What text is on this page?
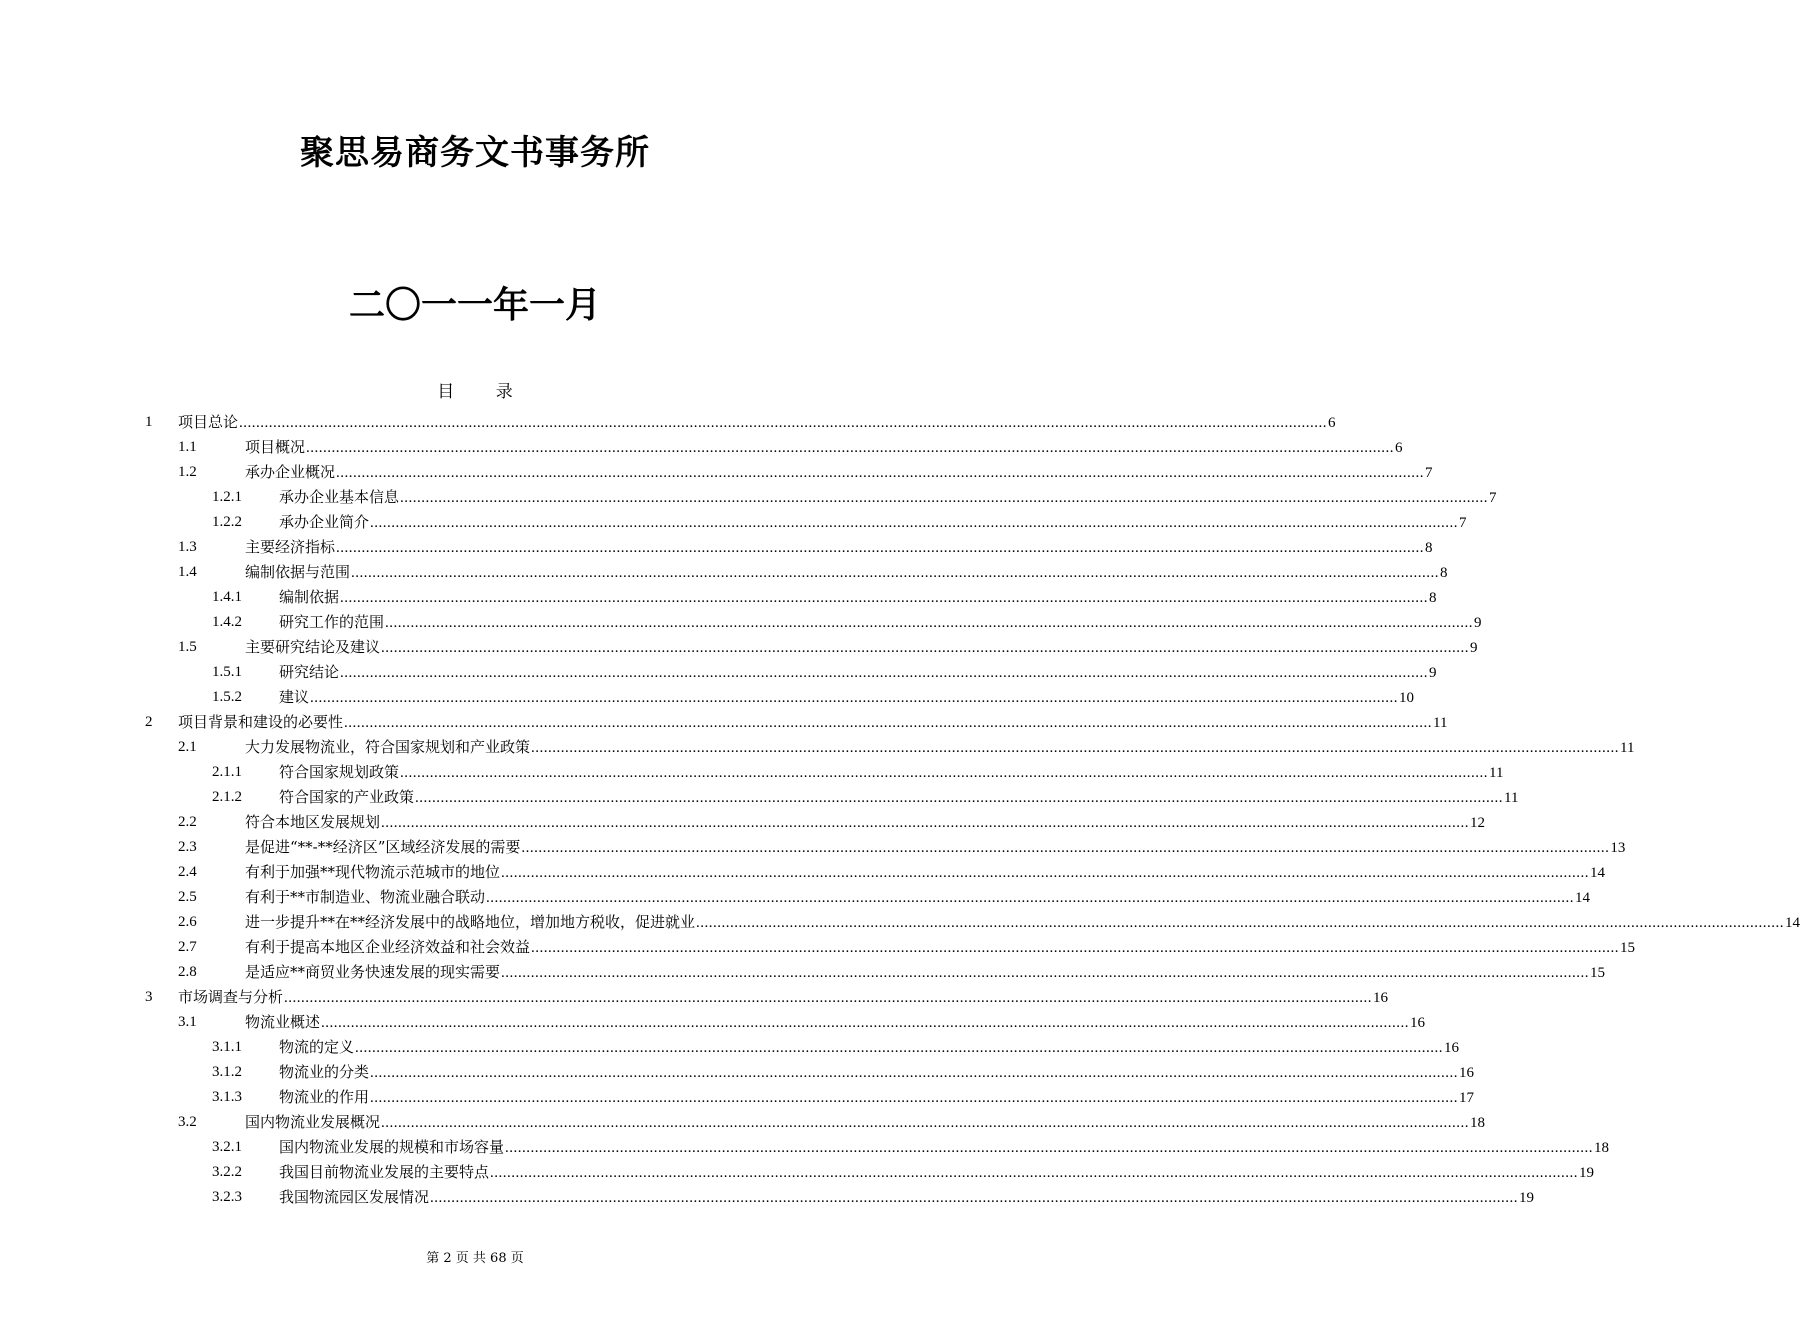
聚思易商务文书事务所
二〇一一年一月
目 录
1 项目总论 ................................................................................................................................................................................................................................................................ 6
1.1	项目概况 ................................................................................................................................................................................................................................................................ 6
1.2	承办企业概况 ................................................................................................................................................................................................................................................................ 7
1.2.1 承办企业基本信息 ................................................................................................................................................................................................................................................................ 7
1.2.2 承办企业简介 ................................................................................................................................................................................................................................................................ 7
1.3	主要经济指标 ................................................................................................................................................................................................................................................................ 8
1.4	编制依据与范围 ................................................................................................................................................................................................................................................................ 8
1.4.1 编制依据 ................................................................................................................................................................................................................................................................ 8
1.4.2 研究工作的范围 ................................................................................................................................................................................................................................................................ 9
1.5	主要研究结论及建议 ................................................................................................................................................................................................................................................................ 9
1.5.1 研究结论 ................................................................................................................................................................................................................................................................ 9
1.5.2 建议 ................................................................................................................................................................................................................................................................ 10
2 项目背景和建设的必要性 ................................................................................................................................................................................................................................................................ 11
2.1	大力发展物流业，符合国家规划和产业政策 ................................................................................................................................................................................................................................................................ 11
2.1.1 符合国家规划政策 ................................................................................................................................................................................................................................................................ 11
2.1.2 符合国家的产业政策 ................................................................................................................................................................................................................................................................ 11
2.2	符合本地区发展规划 ................................................................................................................................................................................................................................................................ 12
2.3	是促进“**-**经济区”区域经济发展的需要 ................................................................................................................................................................................................................................................................ 13
2.4	有利于加强**现代物流示范城市的地位 ................................................................................................................................................................................................................................................................ 14
2.5	有利于**市制造业、物流业融合联动 ................................................................................................................................................................................................................................................................ 14
2.6	进一步提升**在**经济发展中的战略地位，增加地方税收，促进就业 ................................................................................................................................................................................................................................................................ 14
2.7	有利于提高本地区企业经济效益和社会效益 ................................................................................................................................................................................................................................................................ 15
2.8	是适应**商贸业务快速发展的现实需要 ................................................................................................................................................................................................................................................................ 15
3 市场调查与分析 ................................................................................................................................................................................................................................................................ 16
3.1	物流业概述 ................................................................................................................................................................................................................................................................ 16
3.1.1 物流的定义 ................................................................................................................................................................................................................................................................ 16
3.1.2 物流业的分类 ................................................................................................................................................................................................................................................................ 16
3.1.3 物流业的作用 ................................................................................................................................................................................................................................................................ 17
3.2	国内物流业发展概况 ................................................................................................................................................................................................................................................................ 18
3.2.1 国内物流业发展的规模和市场容量 ................................................................................................................................................................................................................................................................ 18
3.2.2 我国目前物流业发展的主要特点 ................................................................................................................................................................................................................................................................ 19
3.2.3 我国物流园区发展情况 ................................................................................................................................................................................................................................................................ 19
第 2 页 共 68 页
